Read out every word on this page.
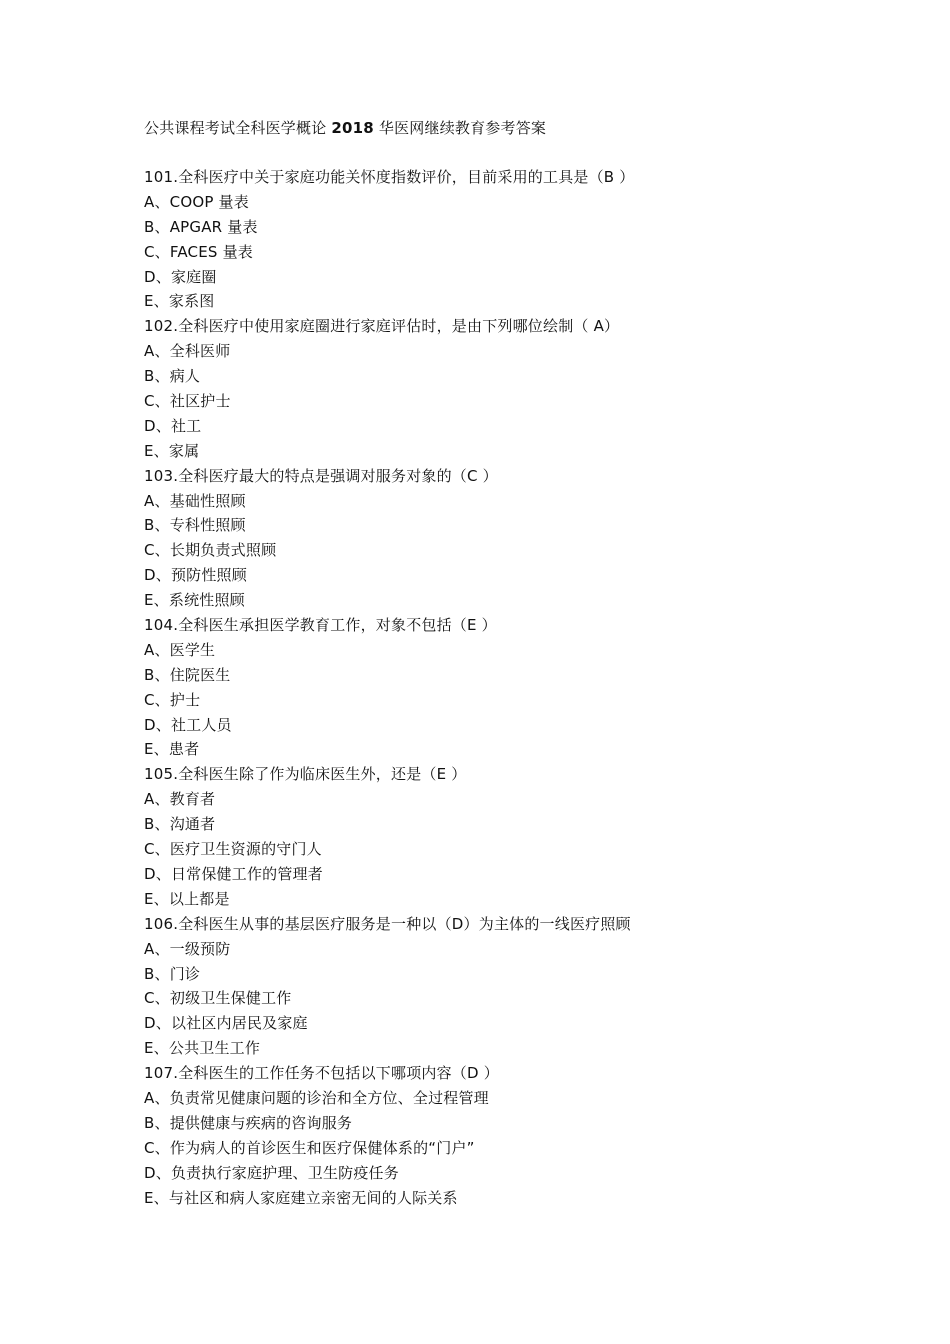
公共课程考试全科医学概论 2018 华医网继续教育参考答案
101.全科医疗中关于家庭功能关怀度指数评价，目前采用的工具是（B ）
A、COOP 量表
B、APGAR 量表
C、FACES 量表
D、家庭圈
E、家系图
102.全科医疗中使用家庭圈进行家庭评估时，是由下列哪位绘制（ A）
A、全科医师
B、病人
C、社区护士
D、社工
E、家属
103.全科医疗最大的特点是强调对服务对象的（C ）
A、基础性照顾
B、专科性照顾
C、长期负责式照顾
D、预防性照顾
E、系统性照顾
104.全科医生承担医学教育工作，对象不包括（E ）
A、医学生
B、住院医生
C、护士
D、社工人员
E、患者
105.全科医生除了作为临床医生外，还是（E ）
A、教育者
B、沟通者
C、医疗卫生资源的守门人
D、日常保健工作的管理者
E、以上都是
106.全科医生从事的基层医疗服务是一种以（D）为主体的一线医疗照顾
A、一级预防
B、门诊
C、初级卫生保健工作
D、以社区内居民及家庭
E、公共卫生工作
107.全科医生的工作任务不包括以下哪项内容（D ）
A、负责常见健康问题的诊治和全方位、全过程管理
B、提供健康与疾病的咨询服务
C、作为病人的首诊医生和医疗保健体系的“门户”
D、负责执行家庭护理、卫生防疫任务
E、与社区和病人家庭建立亲密无间的人际关系
